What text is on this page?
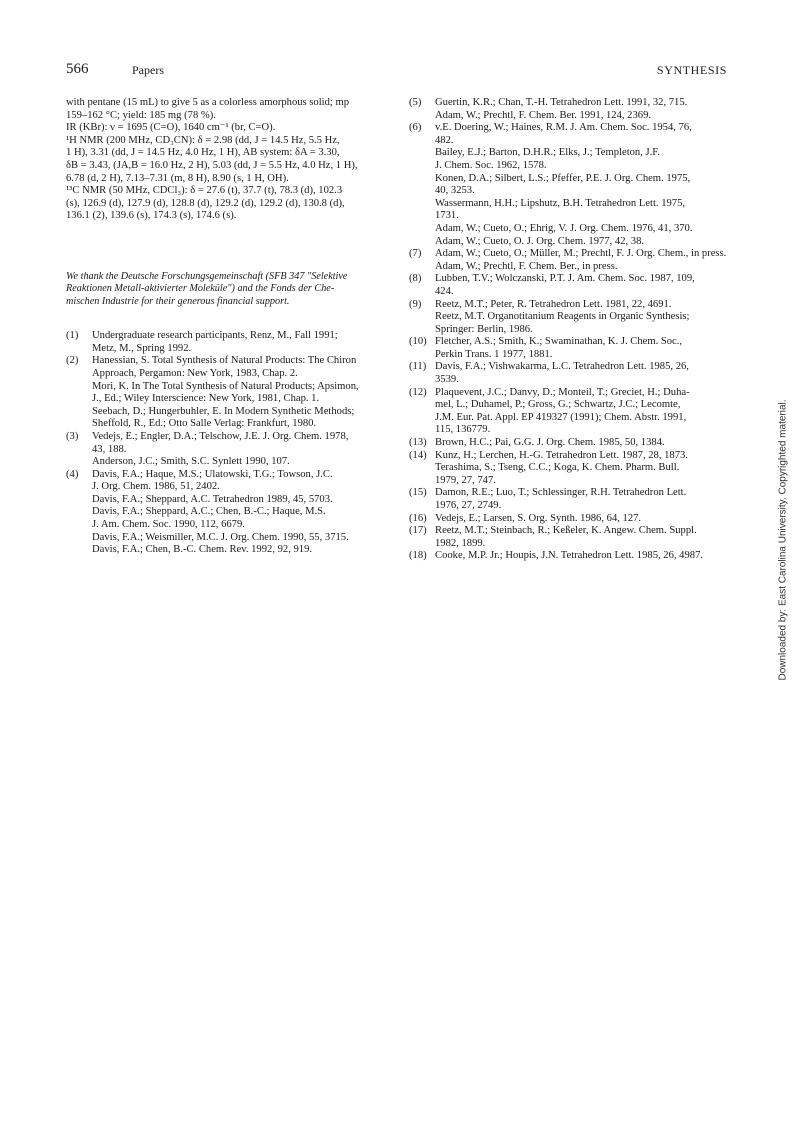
566	Papers	SYNTHESIS

with pentane (15 mL) to give 5 as a colorless amorphous solid; mp

159–162 °C; yield: 185 mg (78 %).

IR (KBr): ν = 1695 (C=O), 1640 cm⁻¹ (br, C=O).

¹H NMR (200 MHz, CD₃CN): δ = 2.98 (dd, J = 14.5 Hz, 5.5 Hz,

1 H), 3.31 (dd, J = 14.5 Hz, 4.0 Hz, 1 H), AB system: δA = 3.30,

δB = 3.43, (JA,B = 16.0 Hz, 2 H), 5.03 (dd, J = 5.5 Hz, 4.0 Hz, 1 H),

6.78 (d, 2 H), 7.13–7.31 (m, 8 H), 8.90 (s, 1 H, OH).

¹³C NMR (50 MHz, CDCl₃): δ = 27.6 (t), 37.7 (t), 78.3 (d), 102.3

(s), 126.9 (d), 127.9 (d), 128.8 (d), 129.2 (d), 129.2 (d), 130.8 (d),

136.1 (2), 139.6 (s), 174.3 (s), 174.6 (s).

We thank the Deutsche Forschungsgemeinschaft (SFB 347 "Selektive
Reaktionen Metall-aktivierter Moleküle") and the Fonds der Che-
mischen Industrie for their generous financial support.
(1) Undergraduate research participants, Renz, M., Fall 1991;
Metz, M., Spring 1992.
(2) Hanessian, S. Total Synthesis of Natural Products: The Chiron
Approach, Pergamon: New York, 1983, Chap. 2.
Mori, K. In The Total Synthesis of Natural Products; Apsimon,
J., Ed.; Wiley Interscience: New York, 1981, Chap. 1.
Seebach, D.; Hungerbuhler, E. In Modern Synthetic Methods;
Sheffold, R., Ed.; Otto Salle Verlag: Frankfurt, 1980.
(3) Vedejs, E.; Engler, D.A.; Telschow, J.E. J. Org. Chem. 1978,
43, 188.
Anderson, J.C.; Smith, S.C. Synlett 1990, 107.
(4) Davis, F.A.; Haque, M.S.; Ulatowski, T.G.; Towson, J.C.
J. Org. Chem. 1986, 51, 2402.
Davis, F.A.; Sheppard, A.C. Tetrahedron 1989, 45, 5703.
Davis, F.A.; Sheppard, A.C.; Chen, B.-C.; Haque, M.S.
J. Am. Chem. Soc. 1990, 112, 6679.
Davis, F.A.; Weismiller, M.C. J. Org. Chem. 1990, 55, 3715.
Davis, F.A.; Chen, B.-C. Chem. Rev. 1992, 92, 919.
(5) Guertin, K.R.; Chan, T.-H. Tetrahedron Lett. 1991, 32, 715.
Adam, W.; Prechtl, F. Chem. Ber. 1991, 124, 2369.
(6) v.E. Doering, W.; Haines, R.M. J. Am. Chem. Soc. 1954, 76,
482.
Bailey, E.J.; Barton, D.H.R.; Elks, J.; Templeton, J.F.
J. Chem. Soc. 1962, 1578.
Konen, D.A.; Silbert, L.S.; Pfeffer, P.E. J. Org. Chem. 1975,
40, 3253.
Wassermann, H.H.; Lipshutz, B.H. Tetrahedron Lett. 1975,
1731.
Adam, W.; Cueto, O.; Ehrig, V. J. Org. Chem. 1976, 41, 370.
Adam, W.; Cueto, O. J. Org. Chem. 1977, 42, 38.
(7) Adam, W.; Cueto, O.; Müller, M.; Prechtl, F. J. Org. Chem., in press.
Adam, W.; Prechtl, F. Chem. Ber., in press.
(8) Lubben, T.V.; Wolczanski, P.T. J. Am. Chem. Soc. 1987, 109,
424.
(9) Reetz, M.T.; Peter, R. Tetrahedron Lett. 1981, 22, 4691.
Reetz, M.T. Organotitanium Reagents in Organic Synthesis;
Springer: Berlin, 1986.
(10) Fletcher, A.S.; Smith, K.; Swaminathan, K. J. Chem. Soc.,
Perkin Trans. 1 1977, 1881.
(11) Davis, F.A.; Vishwakarma, L.C. Tetrahedron Lett. 1985, 26,
3539.
(12) Plaquevent, J.C.; Danvy, D.; Monteil, T.; Greciet, H.; Duha-
mel, L.; Duhamel, P.; Gross, G.; Schwartz, J.C.; Lecomte,
J.M. Eur. Pat. Appl. EP 419327 (1991); Chem. Abstr. 1991,
115, 136779.
(13) Brown, H.C.; Pai, G.G. J. Org. Chem. 1985, 50, 1384.
(14) Kunz, H.; Lerchen, H.-G. Tetrahedron Lett. 1987, 28, 1873.
Terashima, S.; Tseng, C.C.; Koga, K. Chem. Pharm. Bull.
1979, 27, 747.
(15) Damon, R.E.; Luo, T.; Schlessinger, R.H. Tetrahedron Lett.
1976, 27, 2749.
(16) Vedejs, E.; Larsen, S. Org. Synth. 1986, 64, 127.
(17) Reetz, M.T.; Steinbach, R.; Keßeler, K. Angew. Chem. Suppl.
1982, 1899.
(18) Cooke, M.P. Jr.; Houpis, J.N. Tetrahedron Lett. 1985, 26, 4987.	Downloaded by: East Carolina University. Copyrighted material.
